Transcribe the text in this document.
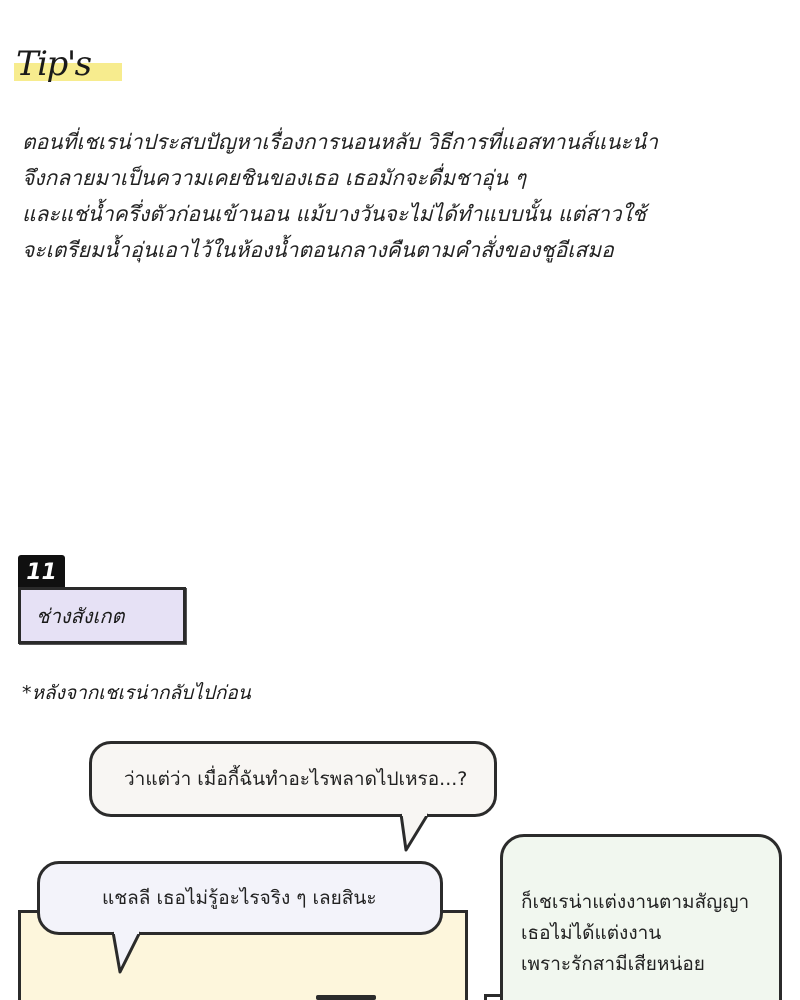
Tip's
ตอนที่เชเรน่าประสบปัญหาเรื่องการนอนหลับ วิธีการที่แอสทานส์แนะนำ
จึงกลายมาเป็นความเคยชินของเธอ เธอมักจะดื่มชาอุ่น ๆ
และแช่น้ำครึ่งตัวก่อนเข้านอน แม้บางวันจะไม่ได้ทำแบบนั้น แต่สาวใช้
จะเตรียมน้ำอุ่นเอาไว้ในห้องน้ำตอนกลางคืนตามคำสั่งของชูอีเสมอ
11
ช่างสังเกต
*หลังจากเชเรน่ากลับไปก่อน
ว่าแต่ว่า เมื่อกี้ฉันทำอะไรพลาดไปเหรอ...?
แชลลี เธอไม่รู้อะไรจริง ๆ เลยสินะ	ก็เชเรน่าแต่งงานตามสัญญา
เธอไม่ได้แต่งงาน
เพราะรักสามีเสียหน่อย
